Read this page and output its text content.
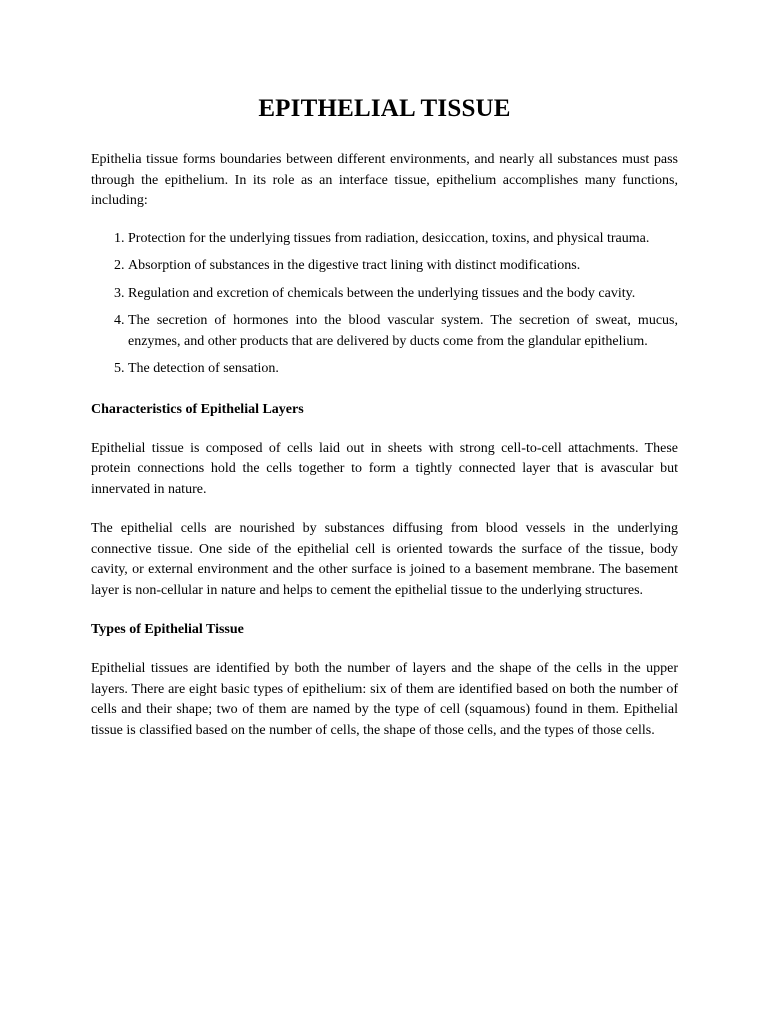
EPITHELIAL TISSUE

Epithelia tissue forms boundaries between different environments, and nearly all substances must pass through the epithelium. In its role as an interface tissue, epithelium accomplishes many functions, including:

1. Protection for the underlying tissues from radiation, desiccation, toxins, and physical trauma.
2. Absorption of substances in the digestive tract lining with distinct modifications.
3. Regulation and excretion of chemicals between the underlying tissues and the body cavity.
4. The secretion of hormones into the blood vascular system. The secretion of sweat, mucus, enzymes, and other products that are delivered by ducts come from the glandular epithelium.
5. The detection of sensation.
Characteristics of Epithelial Layers

Epithelial tissue is composed of cells laid out in sheets with strong cell-to-cell attachments. These protein connections hold the cells together to form a tightly connected layer that is avascular but innervated in nature.

The epithelial cells are nourished by substances diffusing from blood vessels in the underlying connective tissue. One side of the epithelial cell is oriented towards the surface of the tissue, body cavity, or external environment and the other surface is joined to a basement membrane. The basement layer is non-cellular in nature and helps to cement the epithelial tissue to the underlying structures.

Types of Epithelial Tissue

Epithelial tissues are identified by both the number of layers and the shape of the cells in the upper layers. There are eight basic types of epithelium: six of them are identified based on both the number of cells and their shape; two of them are named by the type of cell (squamous) found in them. Epithelial tissue is classified based on the number of cells, the shape of those cells, and the types of those cells.
